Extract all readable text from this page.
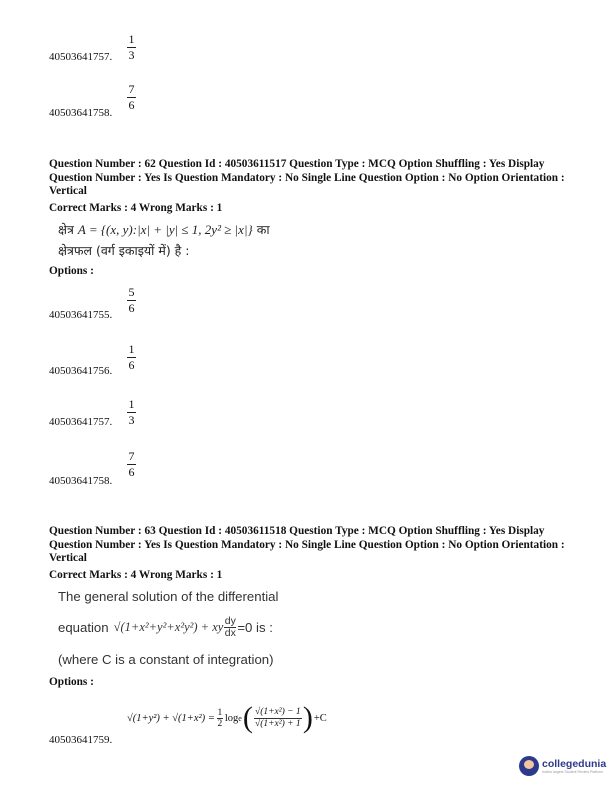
1
3
40503641757.
7
6
40503641758.
Question Number : 62 Question Id : 40503611517 Question Type : MCQ Option Shuffling : Yes Display Question Number : Yes Is Question Mandatory : No Single Line Question Option : No Option Orientation : Vertical
Correct Marks : 4 Wrong Marks : 1
क्षेत्र A = {(x, y):|x| + |y| ≤ 1, 2y² ≥ |x|} का
क्षेत्रफल (वर्ग इकाइयों में) है :
Options :
5
6
40503641755.
1
6
40503641756.
1
3
40503641757.
7
6
40503641758.
Question Number : 63 Question Id : 40503611518 Question Type : MCQ Option Shuffling : Yes Display Question Number : Yes Is Question Mandatory : No Single Line Question Option : No Option Orientation : Vertical
Correct Marks : 4 Wrong Marks : 1
The general solution of the differential
equation √(1+x²+y²+x²y²) + xy dy
dx =0 is :
(where C is a constant of integration)
Options :
√(1+y²) + √(1+x²) = 1
2 log e ( √(1+x²) − 1
√(1+x²) + 1 ) +C
40503641759.
collegedunia
India's largest Student Review Platform
